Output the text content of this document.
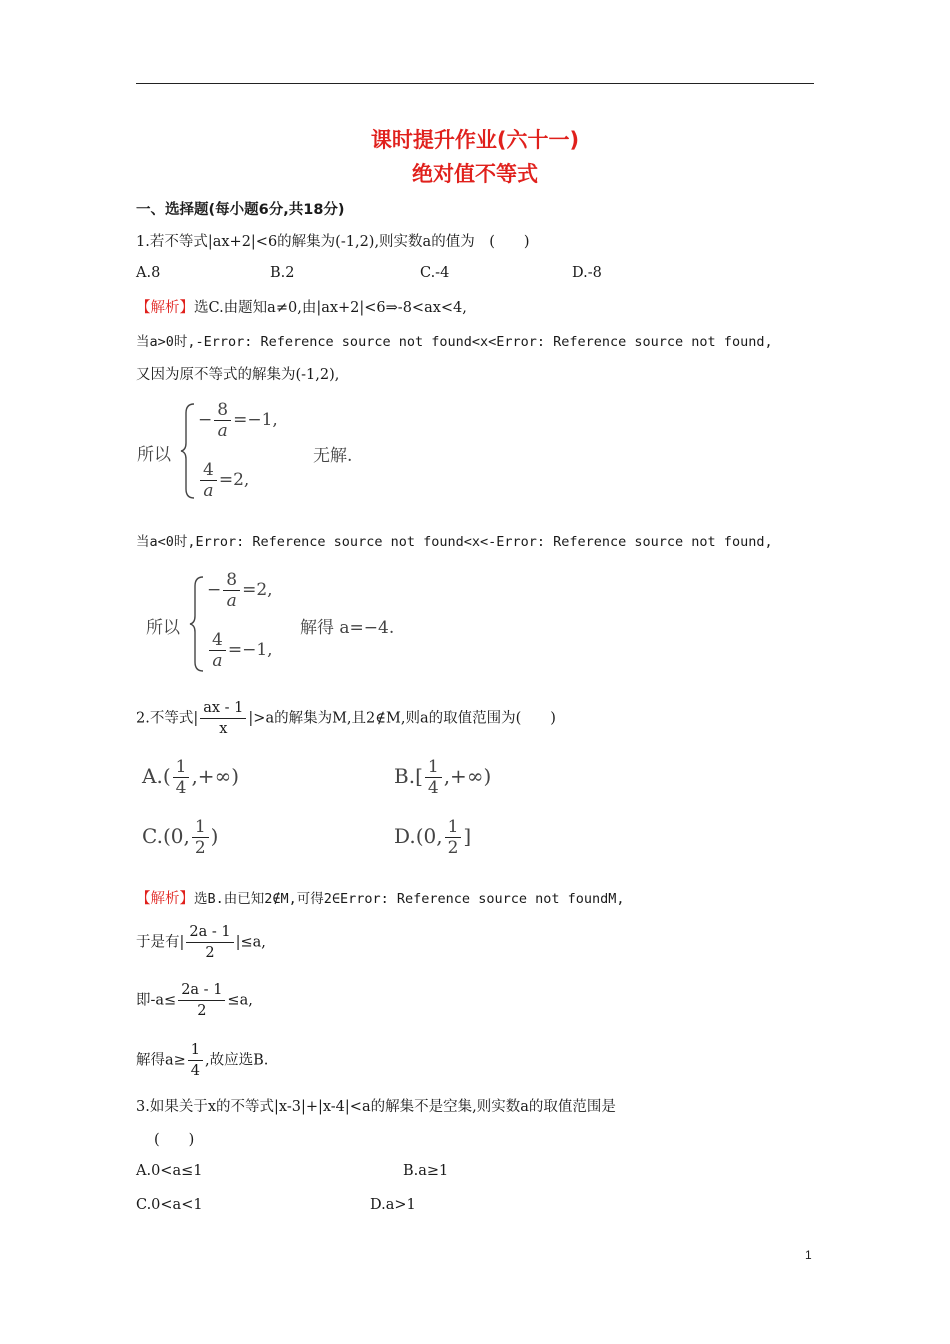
课时提升作业(六十一)
绝对值不等式
一、选择题(每小题6分,共18分)
1.若不等式|ax+2|<6的解集为(-1,2),则实数a的值为　(　　)
A.8	B.2	C.-4	D.-8
【解析】选C.由题知a≠0,由|ax+2|<6⇒-8<ax<4,
当a>0时,-Error: Reference source not found<x<Error: Reference source not found,
又因为原不等式的解集为(-1,2),
所以
− $\frac{8}{a} =-1$,
$\frac{4}{a} =2$,
无解.
当a<0时,Error: Reference source not found<x<-Error: Reference source not found,
所以
− $\frac{8}{a} =2$,
$\frac{4}{a} =-1$,
解得 a=−4.
2.不等式| $\frac{ax - 1}{x} |>a$的解集为M,且2∉M,则a的取值范围为(　　)
$A.( \frac{1}{4}$ ,+∞)	$B.[ \frac{1}{4}$ ,+∞)
C.(0, $\frac{1}{2}$ )	D.(0, $\frac{1}{2}$ ]
【解析】选B.由已知2∉M,可得2∈Error: Reference source not foundM,
于是有| $\frac{2a - 1}{2} |\le a$,
即$-a\le \frac{2a - 1}{2} \le a$,
解得$a\ge \frac{1}{4}$ ,故应选B.
3.如果关于x的不等式|x-3|+|x-4|<a的解集不是空集,则实数a的取值范围是
(　　)
A.0<a≤1	B.a≥1
C.0<a<1	D.a>1
1
